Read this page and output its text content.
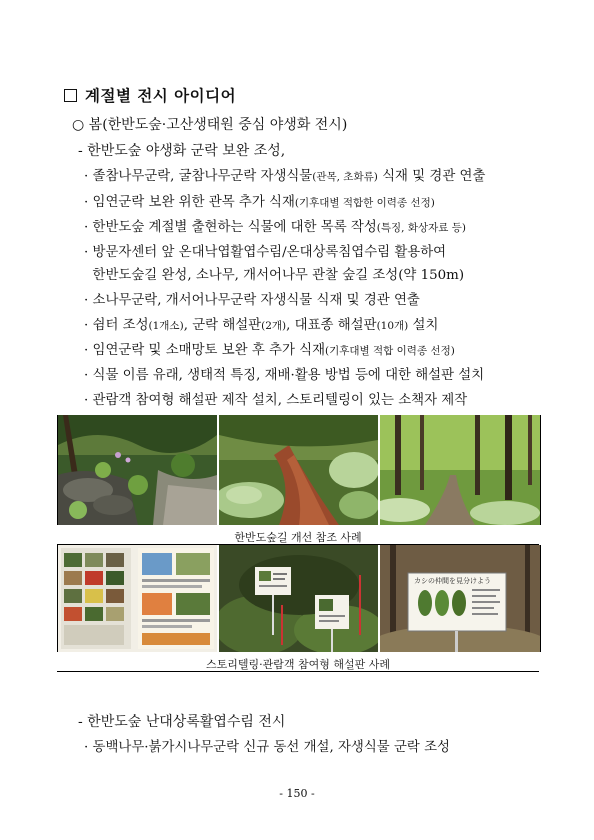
계절별 전시 아이디어
○ 봄(한반도숲·고산생태원 중심 야생화 전시)
- 한반도숲 야생화 군락 보완 조성,
· 졸참나무군락, 굴참나무군락 자생식물(관목, 초화류) 식재 및 경관 연출
· 임연군락 보완 위한 관목 추가 식재(기후대별 적합한 이력종 선정)
· 한반도숲 계절별 출현하는 식물에 대한 목록 작성(특징, 화상자료 등)
· 방문자센터 앞 온대낙엽활엽수림/온대상록침엽수림 활용하여
한반도숲길 완성, 소나무, 개서어나무 관찰 숲길 조성(약 150m)
· 소나무군락, 개서어나무군락 자생식물 식재 및 경관 연출
· 쉼터 조성(1개소), 군락 해설판(2개), 대표종 해설판(10개) 설치
· 임연군락 및 소매망토 보완 후 추가 식재(기후대별 적합 이력종 선정)
· 식물 이름 유래, 생태적 특징, 재배·활용 방법 등에 대한 해설판 설치
· 관람객 참여형 해설판 제작 설치, 스토리텔링이 있는 소책자 제작
한반도숲길 개선 참조 사례
カシの仲間を見分けよう
스토리텔링·관람객 참여형 해설판 사례
- 한반도숲 난대상록활엽수림 전시
· 동백나무·붉가시나무군락 신규 동선 개설, 자생식물 군락 조성
- 150 -
